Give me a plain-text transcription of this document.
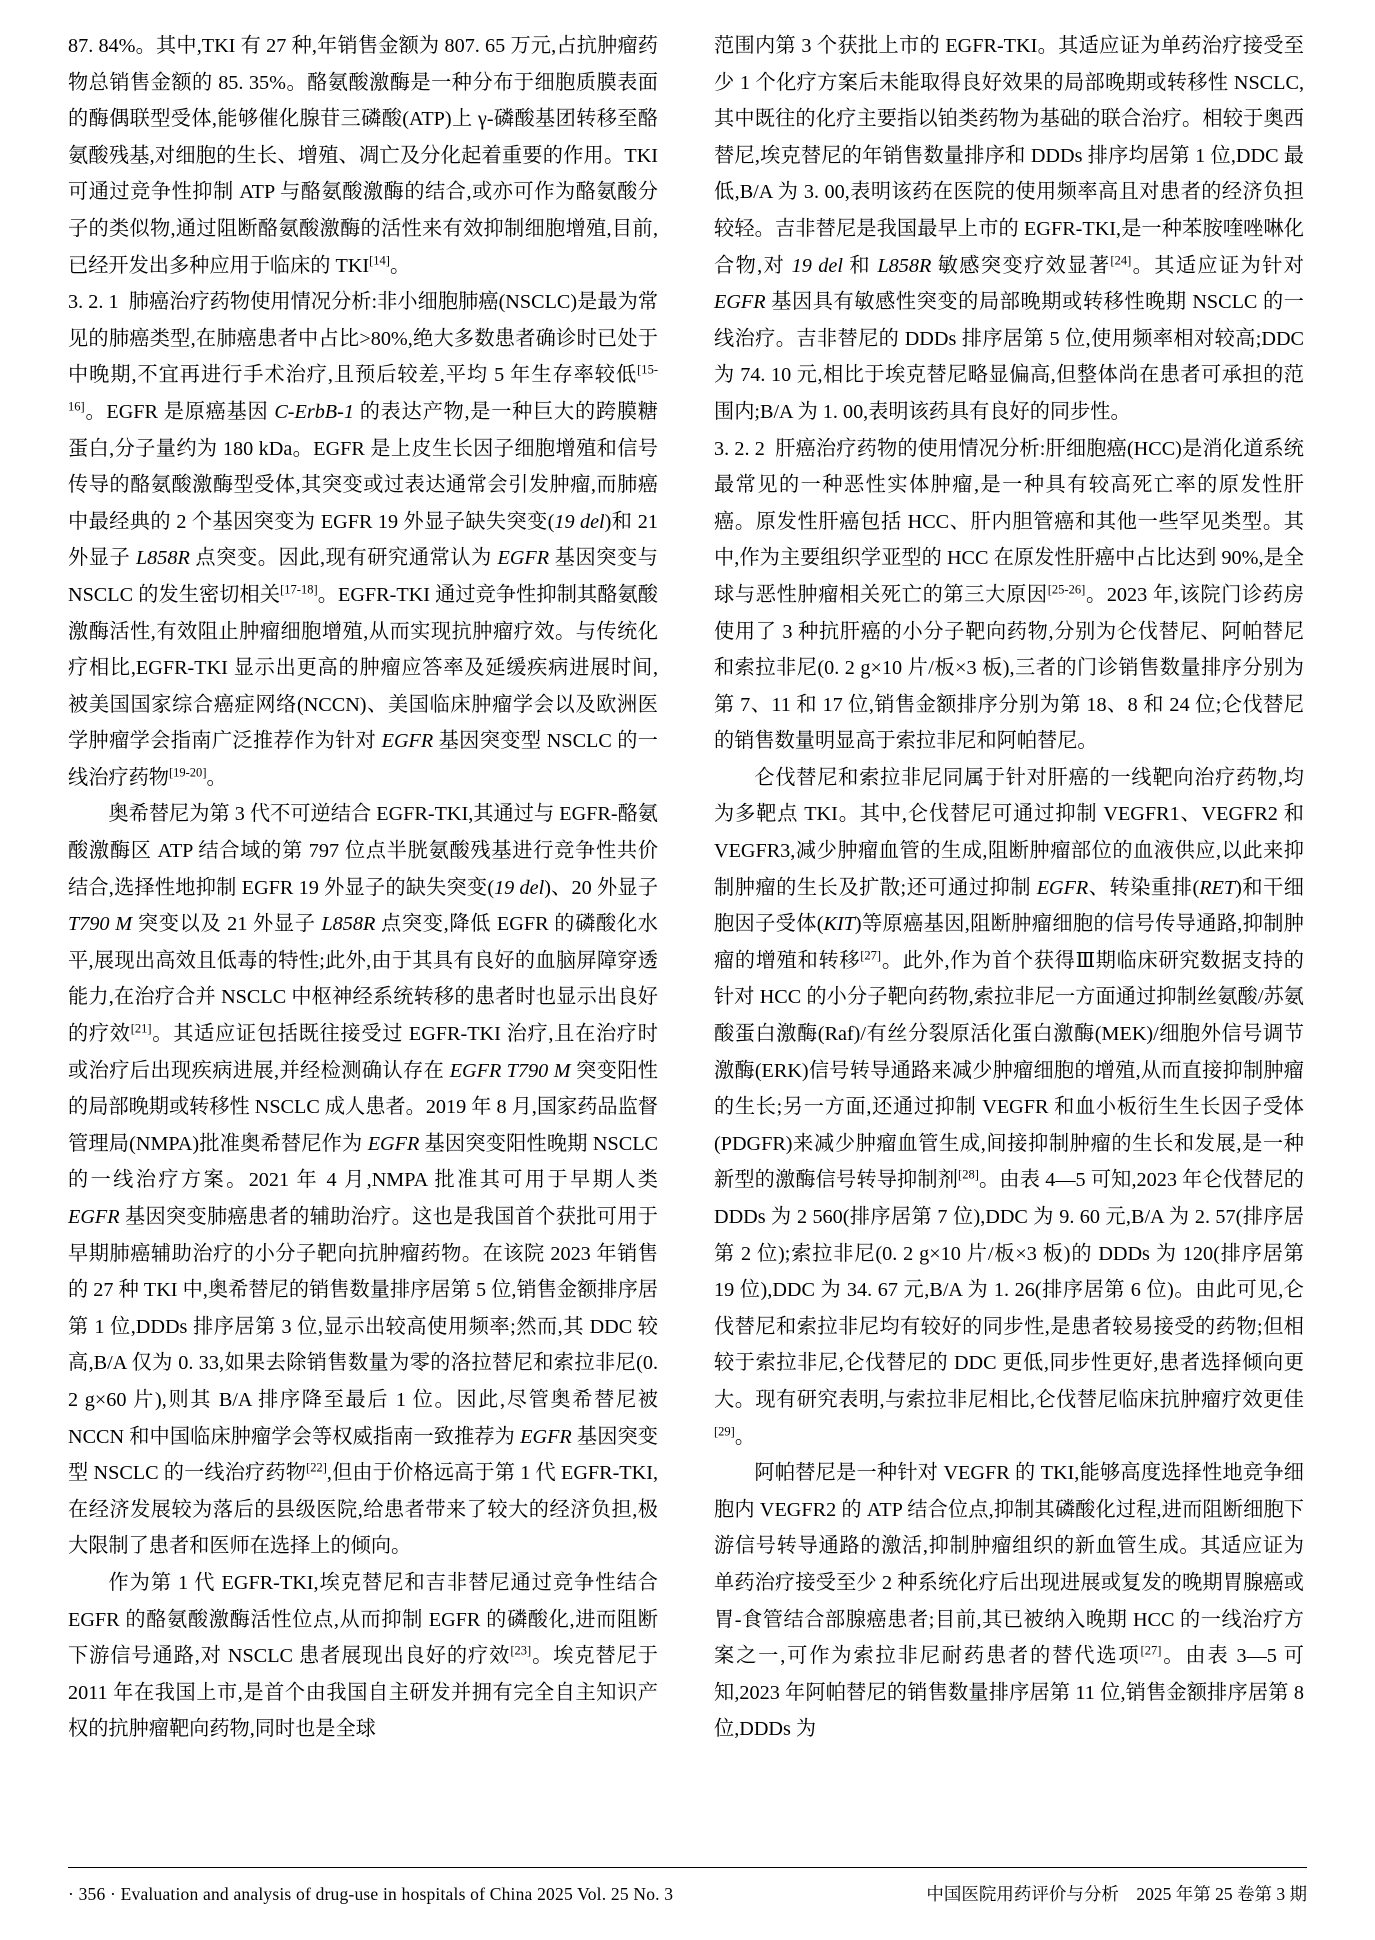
87. 84%。其中,TKI 有 27 种,年销售金额为 807. 65 万元,占抗肿瘤药物总销售金额的 85. 35%。酪氨酸激酶是一种分布于细胞质膜表面的酶偶联型受体,能够催化腺苷三磷酸(ATP)上 γ-磷酸基团转移至酪氨酸残基,对细胞的生长、增殖、凋亡及分化起着重要的作用。TKI 可通过竞争性抑制 ATP 与酪氨酸激酶的结合,或亦可作为酪氨酸分子的类似物,通过阻断酪氨酸激酶的活性来有效抑制细胞增殖,目前,已经开发出多种应用于临床的 TKI[14]。

3. 2. 1 肺癌治疗药物使用情况分析:非小细胞肺癌(NSCLC)是最为常见的肺癌类型,在肺癌患者中占比>80%,绝大多数患者确诊时已处于中晚期,不宜再进行手术治疗,且预后较差,平均 5 年生存率较低[15-16]。EGFR 是原癌基因 C-ErbB-1 的表达产物,是一种巨大的跨膜糖蛋白,分子量约为 180 kDa。EGFR 是上皮生长因子细胞增殖和信号传导的酪氨酸激酶型受体,其突变或过表达通常会引发肿瘤,而肺癌中最经典的 2 个基因突变为 EGFR 19 外显子缺失突变(19 del)和 21 外显子 L858R 点突变。因此,现有研究通常认为 EGFR 基因突变与 NSCLC 的发生密切相关[17-18]。EGFR-TKI 通过竞争性抑制其酪氨酸激酶活性,有效阻止肿瘤细胞增殖,从而实现抗肿瘤疗效。与传统化疗相比,EGFR-TKI 显示出更高的肿瘤应答率及延缓疾病进展时间,被美国国家综合癌症网络(NCCN)、美国临床肿瘤学会以及欧洲医学肿瘤学会指南广泛推荐作为针对 EGFR 基因突变型 NSCLC 的一线治疗药物[19-20]。

奥希替尼为第 3 代不可逆结合 EGFR-TKI,其通过与 EGFR-酪氨酸激酶区 ATP 结合域的第 797 位点半胱氨酸残基进行竞争性共价结合,选择性地抑制 EGFR 19 外显子的缺失突变(19 del)、20 外显子 T790 M 突变以及 21 外显子 L858R 点突变,降低 EGFR 的磷酸化水平,展现出高效且低毒的特性;此外,由于其具有良好的血脑屏障穿透能力,在治疗合并 NSCLC 中枢神经系统转移的患者时也显示出良好的疗效[21]。其适应证包括既往接受过 EGFR-TKI 治疗,且在治疗时或治疗后出现疾病进展,并经检测确认存在 EGFR T790 M 突变阳性的局部晚期或转移性 NSCLC 成人患者。2019 年 8 月,国家药品监督管理局(NMPA)批准奥希替尼作为 EGFR 基因突变阳性晚期 NSCLC 的一线治疗方案。2021 年 4 月,NMPA 批准其可用于早期人类 EGFR 基因突变肺癌患者的辅助治疗。这也是我国首个获批可用于早期肺癌辅助治疗的小分子靶向抗肿瘤药物。在该院 2023 年销售的 27 种 TKI 中,奥希替尼的销售数量排序居第 5 位,销售金额排序居第 1 位,DDDs 排序居第 3 位,显示出较高使用频率;然而,其 DDC 较高,B/A 仅为 0. 33,如果去除销售数量为零的洛拉替尼和索拉非尼(0. 2 g×60 片),则其 B/A 排序降至最后 1 位。因此,尽管奥希替尼被 NCCN 和中国临床肿瘤学会等权威指南一致推荐为 EGFR 基因突变型 NSCLC 的一线治疗药物[22],但由于价格远高于第 1 代 EGFR-TKI,在经济发展较为落后的县级医院,给患者带来了较大的经济负担,极大限制了患者和医师在选择上的倾向。

作为第 1 代 EGFR-TKI,埃克替尼和吉非替尼通过竞争性结合 EGFR 的酪氨酸激酶活性位点,从而抑制 EGFR 的磷酸化,进而阻断下游信号通路,对 NSCLC 患者展现出良好的疗效[23]。埃克替尼于 2011 年在我国上市,是首个由我国自主研发并拥有完全自主知识产权的抗肿瘤靶向药物,同时也是全球

范围内第 3 个获批上市的 EGFR-TKI。其适应证为单药治疗接受至少 1 个化疗方案后未能取得良好效果的局部晚期或转移性 NSCLC,其中既往的化疗主要指以铂类药物为基础的联合治疗。相较于奥西替尼,埃克替尼的年销售数量排序和 DDDs 排序均居第 1 位,DDC 最低,B/A 为 3. 00,表明该药在医院的使用频率高且对患者的经济负担较轻。吉非替尼是我国最早上市的 EGFR-TKI,是一种苯胺喹唑啉化合物,对 19 del 和 L858R 敏感突变疗效显著[24]。其适应证为针对 EGFR 基因具有敏感性突变的局部晚期或转移性晚期 NSCLC 的一线治疗。吉非替尼的 DDDs 排序居第 5 位,使用频率相对较高;DDC 为 74. 10 元,相比于埃克替尼略显偏高,但整体尚在患者可承担的范围内;B/A 为 1. 00,表明该药具有良好的同步性。

3. 2. 2 肝癌治疗药物的使用情况分析:肝细胞癌(HCC)是消化道系统最常见的一种恶性实体肿瘤,是一种具有较高死亡率的原发性肝癌。原发性肝癌包括 HCC、肝内胆管癌和其他一些罕见类型。其中,作为主要组织学亚型的 HCC 在原发性肝癌中占比达到 90%,是全球与恶性肿瘤相关死亡的第三大原因[25-26]。2023 年,该院门诊药房使用了 3 种抗肝癌的小分子靶向药物,分别为仑伐替尼、阿帕替尼和索拉非尼(0. 2 g×10 片/板×3 板),三者的门诊销售数量排序分别为第 7、11 和 17 位,销售金额排序分别为第 18、8 和 24 位;仑伐替尼的销售数量明显高于索拉非尼和阿帕替尼。

仑伐替尼和索拉非尼同属于针对肝癌的一线靶向治疗药物,均为多靶点 TKI。其中,仑伐替尼可通过抑制 VEGFR1、VEGFR2 和 VEGFR3,减少肿瘤血管的生成,阻断肿瘤部位的血液供应,以此来抑制肿瘤的生长及扩散;还可通过抑制 EGFR、转染重排(RET)和干细胞因子受体(KIT)等原癌基因,阻断肿瘤细胞的信号传导通路,抑制肿瘤的增殖和转移[27]。此外,作为首个获得Ⅲ期临床研究数据支持的针对 HCC 的小分子靶向药物,索拉非尼一方面通过抑制丝氨酸/苏氨酸蛋白激酶(Raf)/有丝分裂原活化蛋白激酶(MEK)/细胞外信号调节激酶(ERK)信号转导通路来减少肿瘤细胞的增殖,从而直接抑制肿瘤的生长;另一方面,还通过抑制 VEGFR 和血小板衍生生长因子受体(PDGFR)来减少肿瘤血管生成,间接抑制肿瘤的生长和发展,是一种新型的激酶信号转导抑制剂[28]。由表 4—5 可知,2023 年仑伐替尼的 DDDs 为 2 560(排序居第 7 位),DDC 为 9. 60 元,B/A 为 2. 57(排序居第 2 位);索拉非尼(0. 2 g×10 片/板×3 板)的 DDDs 为 120(排序居第 19 位),DDC 为 34. 67 元,B/A 为 1. 26(排序居第 6 位)。由此可见,仑伐替尼和索拉非尼均有较好的同步性,是患者较易接受的药物;但相较于索拉非尼,仑伐替尼的 DDC 更低,同步性更好,患者选择倾向更大。现有研究表明,与索拉非尼相比,仑伐替尼临床抗肿瘤疗效更佳[29]。

阿帕替尼是一种针对 VEGFR 的 TKI,能够高度选择性地竞争细胞内 VEGFR2 的 ATP 结合位点,抑制其磷酸化过程,进而阻断细胞下游信号转导通路的激活,抑制肿瘤组织的新血管生成。其适应证为单药治疗接受至少 2 种系统化疗后出现进展或复发的晚期胃腺癌或胃-食管结合部腺癌患者;目前,其已被纳入晚期 HCC 的一线治疗方案之一,可作为索拉非尼耐药患者的替代选项[27]。由表 3—5 可知,2023 年阿帕替尼的销售数量排序居第 11 位,销售金额排序居第 8 位,DDDs 为

· 356 · Evaluation and analysis of drug-use in hospitals of China 2025 Vol. 25 No. 3	中国医院用药评价与分析　2025 年第 25 卷第 3 期
